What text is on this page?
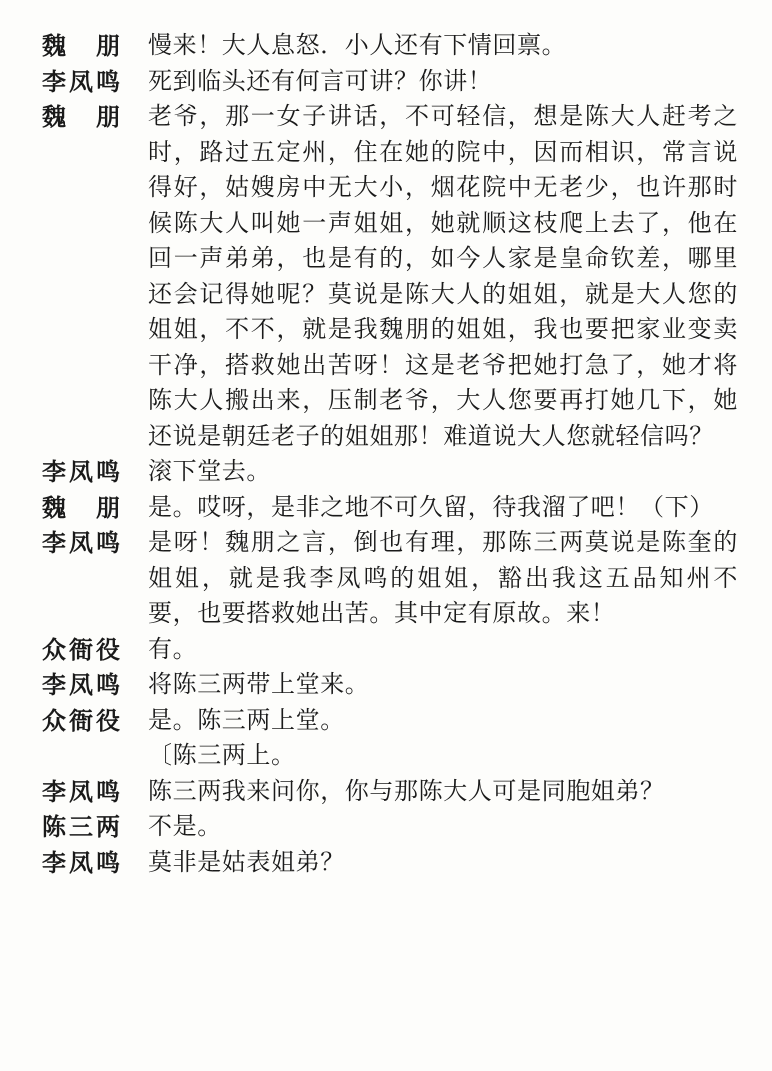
魏　朋	慢来！大人息怒．小人还有下情回禀。
李凤鸣	死到临头还有何言可讲？你讲！
魏　朋	老爷，那一女子讲话，不可轻信，想是陈大人赶考之时，路过五定州，住在她的院中，因而相识，常言说得好，姑嫂房中无大小，烟花院中无老少，也许那时候陈大人叫她一声姐姐，她就顺这枝爬上去了，他在回一声弟弟，也是有的，如今人家是皇命钦差，哪里还会记得她呢？莫说是陈大人的姐姐，就是大人您的姐姐，不不，就是我魏朋的姐姐，我也要把家业变卖干净，搭救她出苦呀！这是老爷把她打急了，她才将陈大人搬出来，压制老爷，大人您要再打她几下，她还说是朝廷老子的姐姐那！难道说大人您就轻信吗？
李凤鸣	滚下堂去。
魏　朋	是。哎呀，是非之地不可久留，待我溜了吧！（下）
李凤鸣	是呀！魏朋之言，倒也有理，那陈三两莫说是陈奎的姐姐，就是我李凤鸣的姐姐，豁出我这五品知州不要，也要搭救她出苦。其中定有原故。来！
众衙役	有。
李凤鸣	将陈三两带上堂来。
众衙役	是。陈三两上堂。
〔陈三两上。
李凤鸣	陈三两我来问你，你与那陈大人可是同胞姐弟？
陈三两	不是。
李凤鸣	莫非是姑表姐弟？
